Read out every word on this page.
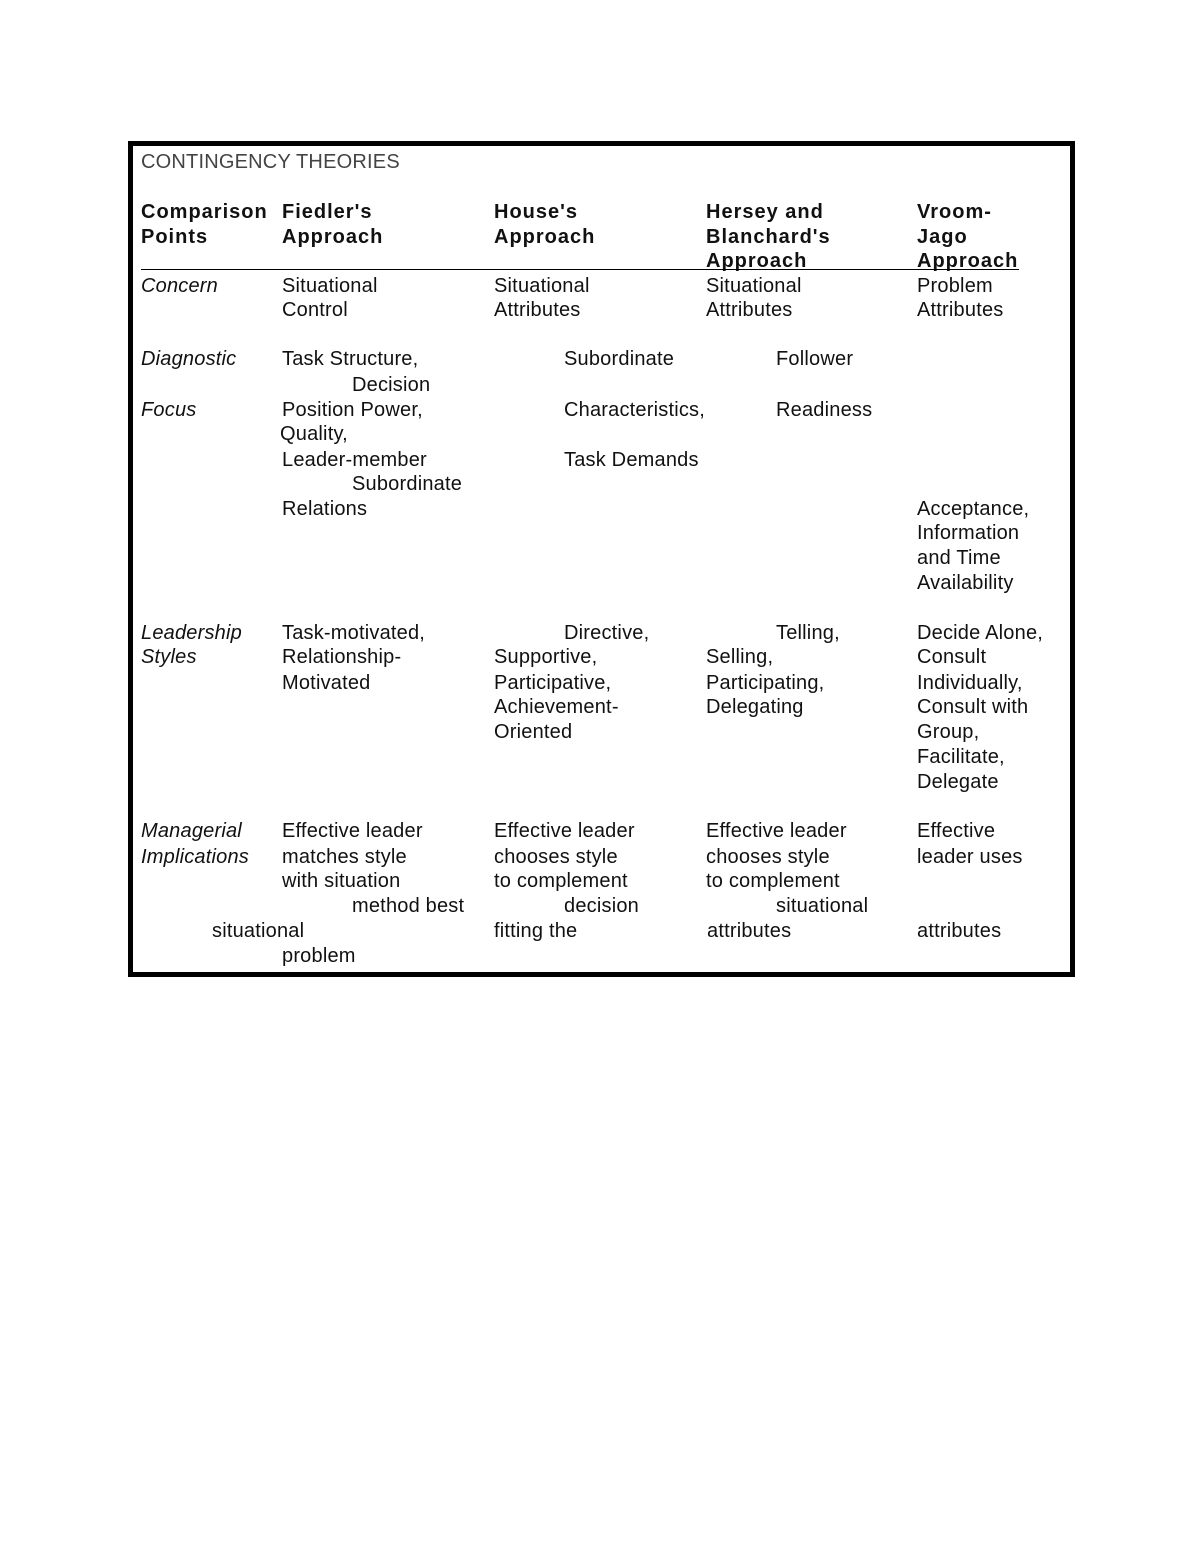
CONTINGENCY THEORIES
Comparison
Points
Fiedler's
Approach
House's
Approach
Hersey and
Blanchard's
Approach
Vroom-
Jago
Approach
Concern	Situational
Control
Situational
Attributes
Situational
Attributes
Problem
Attributes
Diagnostic
Focus
Task Structure,
Decision
Position Power,
Quality,
Leader-member
Subordinate
Relations
Subordinate
Characteristics,
Task Demands
Follower
Readiness
Acceptance,
Information
and Time
Availability
Leadership
Styles
Task-motivated,
Relationship-
Motivated
Directive,
Supportive,
Participative,
Achievement-
Oriented
Telling,
Selling,
Participating,
Delegating
Decide Alone,
Consult
Individually,
Consult with
Group,
Facilitate,
Delegate
Managerial
Implications
Effective leader
matches style
with situation
method best
situational
problem
Effective leader
chooses style
to complement
decision
fitting the
Effective leader
chooses style
to complement
situational
attributes
Effective
leader uses
attributes
